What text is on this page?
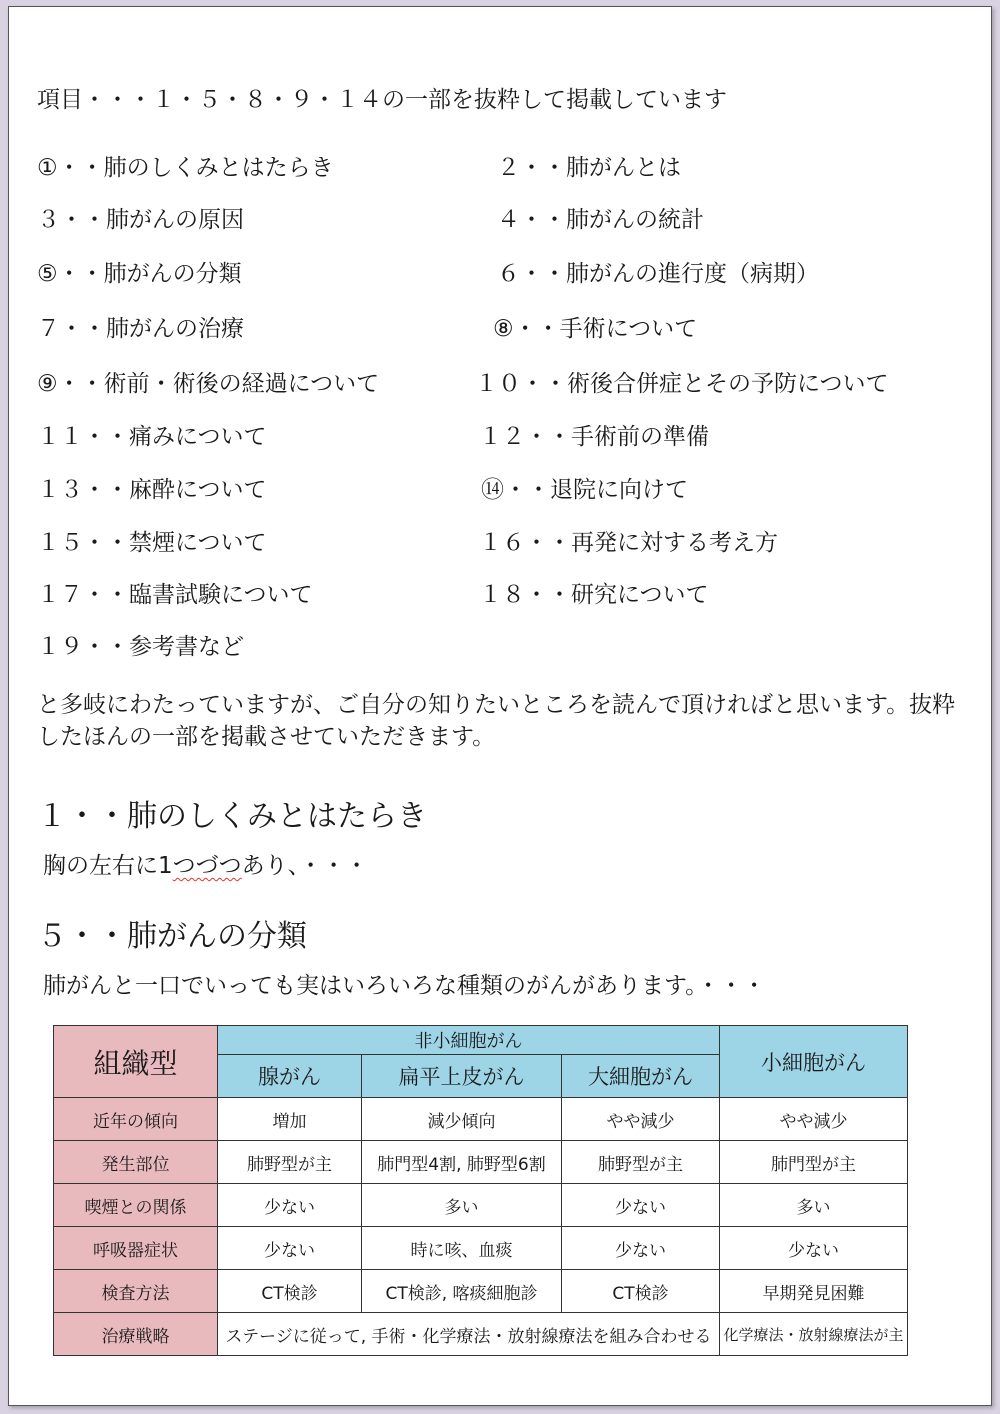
項目・・・１・５・８・９・１４の一部を抜粋して掲載しています
①・・肺のしくみとはたらき
３・・肺がんの原因
⑤・・肺がんの分類
７・・肺がんの治療
⑨・・術前・術後の経過について
１１・・痛みについて
１３・・麻酔について
１５・・禁煙について
１７・・臨書試験について
１９・・参考書など
２・・肺がんとは
４・・肺がんの統計
６・・肺がんの進行度（病期）
⑧・・手術について
１０・・術後合併症とその予防について
１２・・手術前の準備
⑭・・退院に向けて
１６・・再発に対する考え方
１８・・研究について
と多岐にわたっていますが、ご自分の知りたいところを読んで頂ければと思います。抜粋したほんの一部を掲載させていただきます。
１・・肺のしくみとはたらき
胸の左右に1つづつあり、・・・
５・・肺がんの分類
肺がんと一口でいっても実はいろいろな種類のがんがあります。・・・
組織型	非小細胞がん			小細胞がん
	腺がん	扁平上皮がん	大細胞がん	
近年の傾向	増加	減少傾向	やや減少	やや減少
発生部位	肺野型が主	肺門型4割, 肺野型6割	肺野型が主	肺門型が主
喫煙との関係	少ない	多い	少ない	多い
呼吸器症状	少ない	時に咳、血痰	少ない	少ない
検査方法	CT検診	CT検診, 喀痰細胞診	CT検診	早期発見困難
治療戦略	ステージに従って, 手術・化学療法・放射線療法を組み合わせる			化学療法・放射線療法が主
